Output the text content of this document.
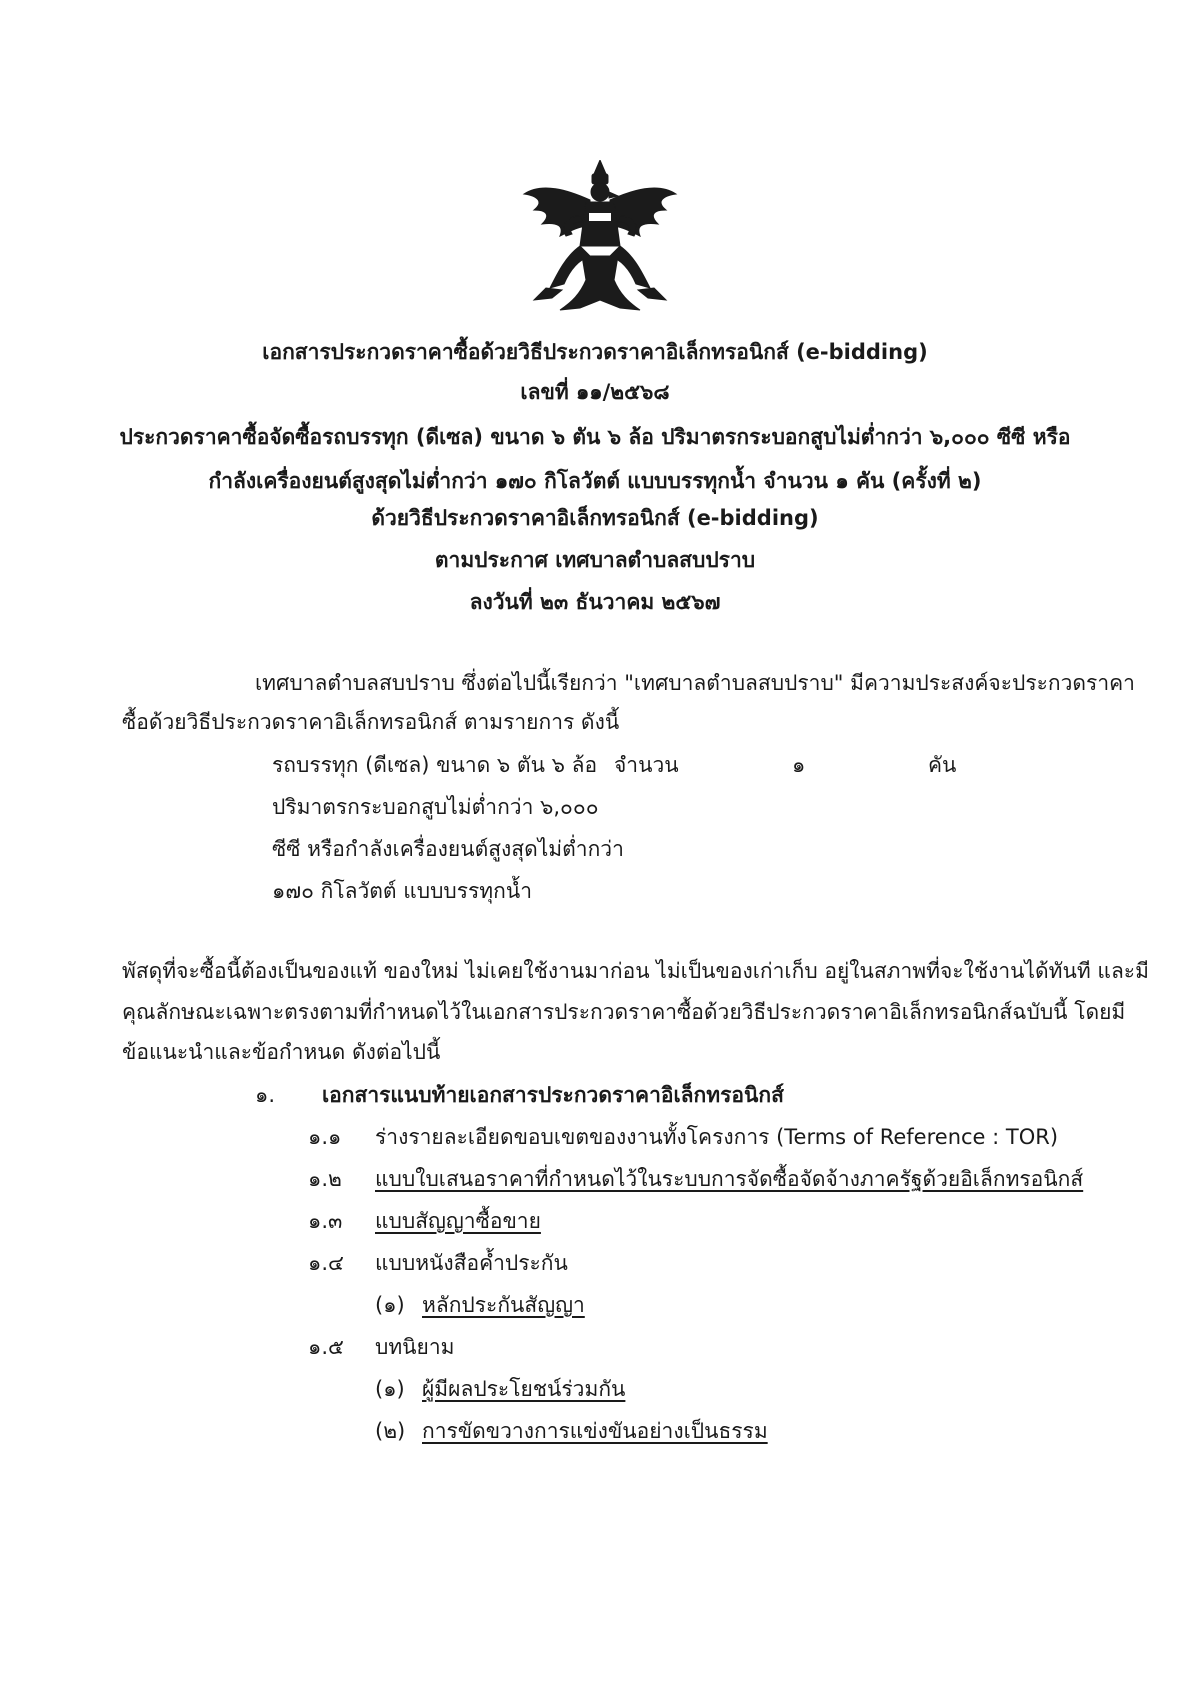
เอกสารประกวดราคาซื้อด้วยวิธีประกวดราคาอิเล็กทรอนิกส์ (e-bidding)
เลขที่ ๑๑/๒๕๖๘
ประกวดราคาซื้อจัดซื้อรถบรรทุก (ดีเซล) ขนาด ๖ ตัน ๖ ล้อ ปริมาตรกระบอกสูบไม่ต่ำกว่า ๖,๐๐๐ ซีซี หรือ
กำลังเครื่องยนต์สูงสุดไม่ต่ำกว่า ๑๗๐ กิโลวัตต์ แบบบรรทุกน้ำ จำนวน ๑ คัน (ครั้งที่ ๒)
ด้วยวิธีประกวดราคาอิเล็กทรอนิกส์ (e-bidding)
ตามประกาศ เทศบาลตำบลสบปราบ
ลงวันที่ ๒๓ ธันวาคม ๒๕๖๗
เทศบาลตำบลสบปราบ ซึ่งต่อไปนี้เรียกว่า "เทศบาลตำบลสบปราบ" มีความประสงค์จะประกวดราคา
ซื้อด้วยวิธีประกวดราคาอิเล็กทรอนิกส์ ตามรายการ ดังนี้
รถบรรทุก (ดีเซล) ขนาด ๖ ตัน ๖ ล้อ
ปริมาตรกระบอกสูบไม่ต่ำกว่า ๖,๐๐๐
ซีซี หรือกำลังเครื่องยนต์สูงสุดไม่ต่ำกว่า
๑๗๐ กิโลวัตต์ แบบบรรทุกน้ำ
จำนวน	๑	คัน
พัสดุที่จะซื้อนี้ต้องเป็นของแท้ ของใหม่ ไม่เคยใช้งานมาก่อน ไม่เป็นของเก่าเก็บ อยู่ในสภาพที่จะใช้งานได้ทันที และมี
คุณลักษณะเฉพาะตรงตามที่กำหนดไว้ในเอกสารประกวดราคาซื้อด้วยวิธีประกวดราคาอิเล็กทรอนิกส์ฉบับนี้ โดยมี
ข้อแนะนำและข้อกำหนด ดังต่อไปนี้
๑. เอกสารแนบท้ายเอกสารประกวดราคาอิเล็กทรอนิกส์
๑.๑ ร่างรายละเอียดขอบเขตของงานทั้งโครงการ (Terms of Reference : TOR)
๑.๒ แบบใบเสนอราคาที่กำหนดไว้ในระบบการจัดซื้อจัดจ้างภาครัฐด้วยอิเล็กทรอนิกส์
๑.๓ แบบสัญญาซื้อขาย
๑.๔ แบบหนังสือค้ำประกัน
(๑) หลักประกันสัญญา
๑.๕ บทนิยาม
(๑) ผู้มีผลประโยชน์ร่วมกัน
(๒) การขัดขวางการแข่งขันอย่างเป็นธรรม
